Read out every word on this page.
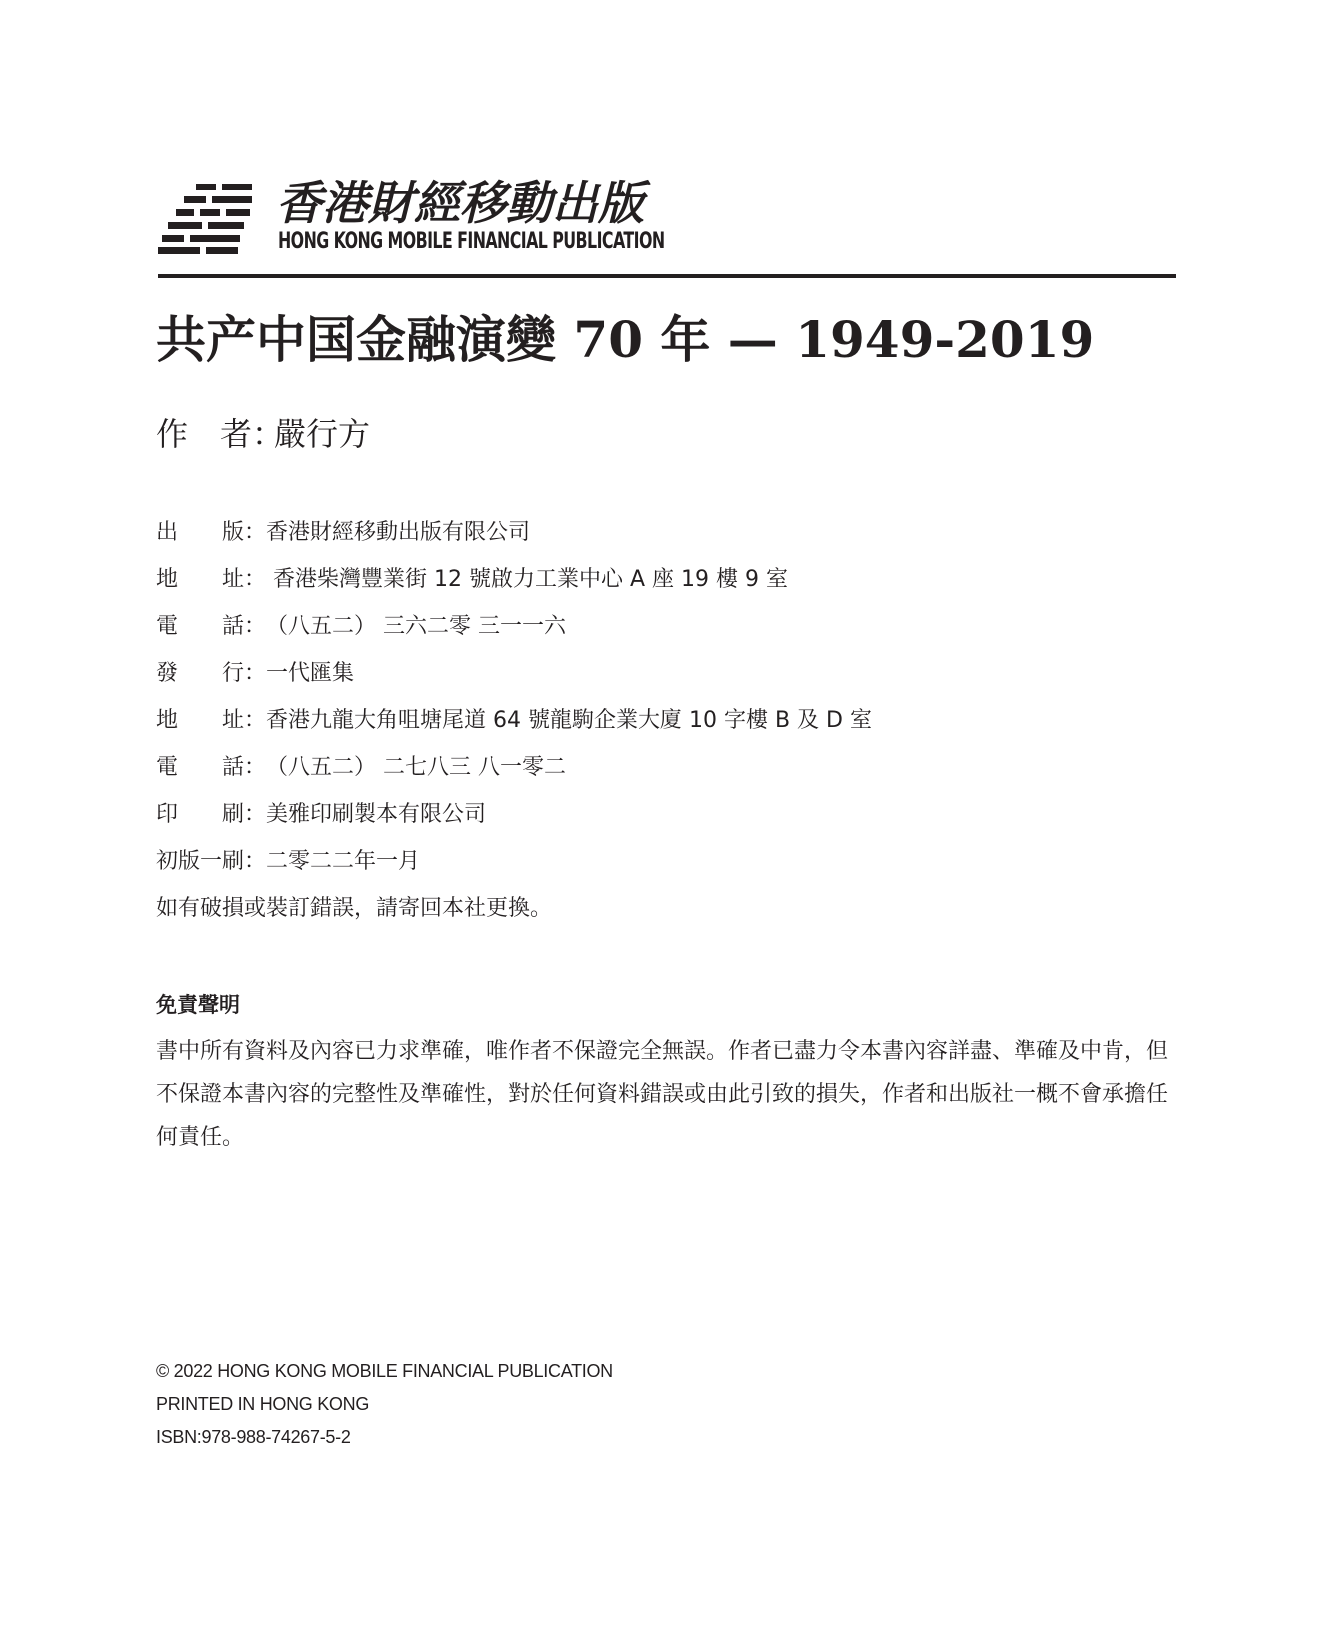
香港財經移動出版
HONG KONG MOBILE FINANCIAL PUBLICATION
共产中国金融演變 70 年 — 1949-2019
作　者：嚴行方
出 版：香港財經移動出版有限公司
地 址： 香港柴灣豐業街 12 號啟力工業中心 A 座 19 樓 9 室
電 話：（八五二） 三六二零 三一一六
發 行：一代匯集
地 址：香港九龍大角咀塘尾道 64 號龍駒企業大廈 10 字樓 B 及 D 室
電 話：（八五二） 二七八三 八一零二
印 刷：美雅印刷製本有限公司
初版一刷：二零二二年一月
如有破損或裝訂錯誤，請寄回本社更換。
免責聲明
書中所有資料及內容已力求準確，唯作者不保證完全無誤。作者已盡力令本書內容詳盡、準確及中肯，但不保證本書內容的完整性及準確性，對於任何資料錯誤或由此引致的損失，作者和出版社一概不會承擔任何責任。
© 2022 HONG KONG MOBILE FINANCIAL PUBLICATION
PRINTED IN HONG KONG
ISBN:978-988-74267-5-2
